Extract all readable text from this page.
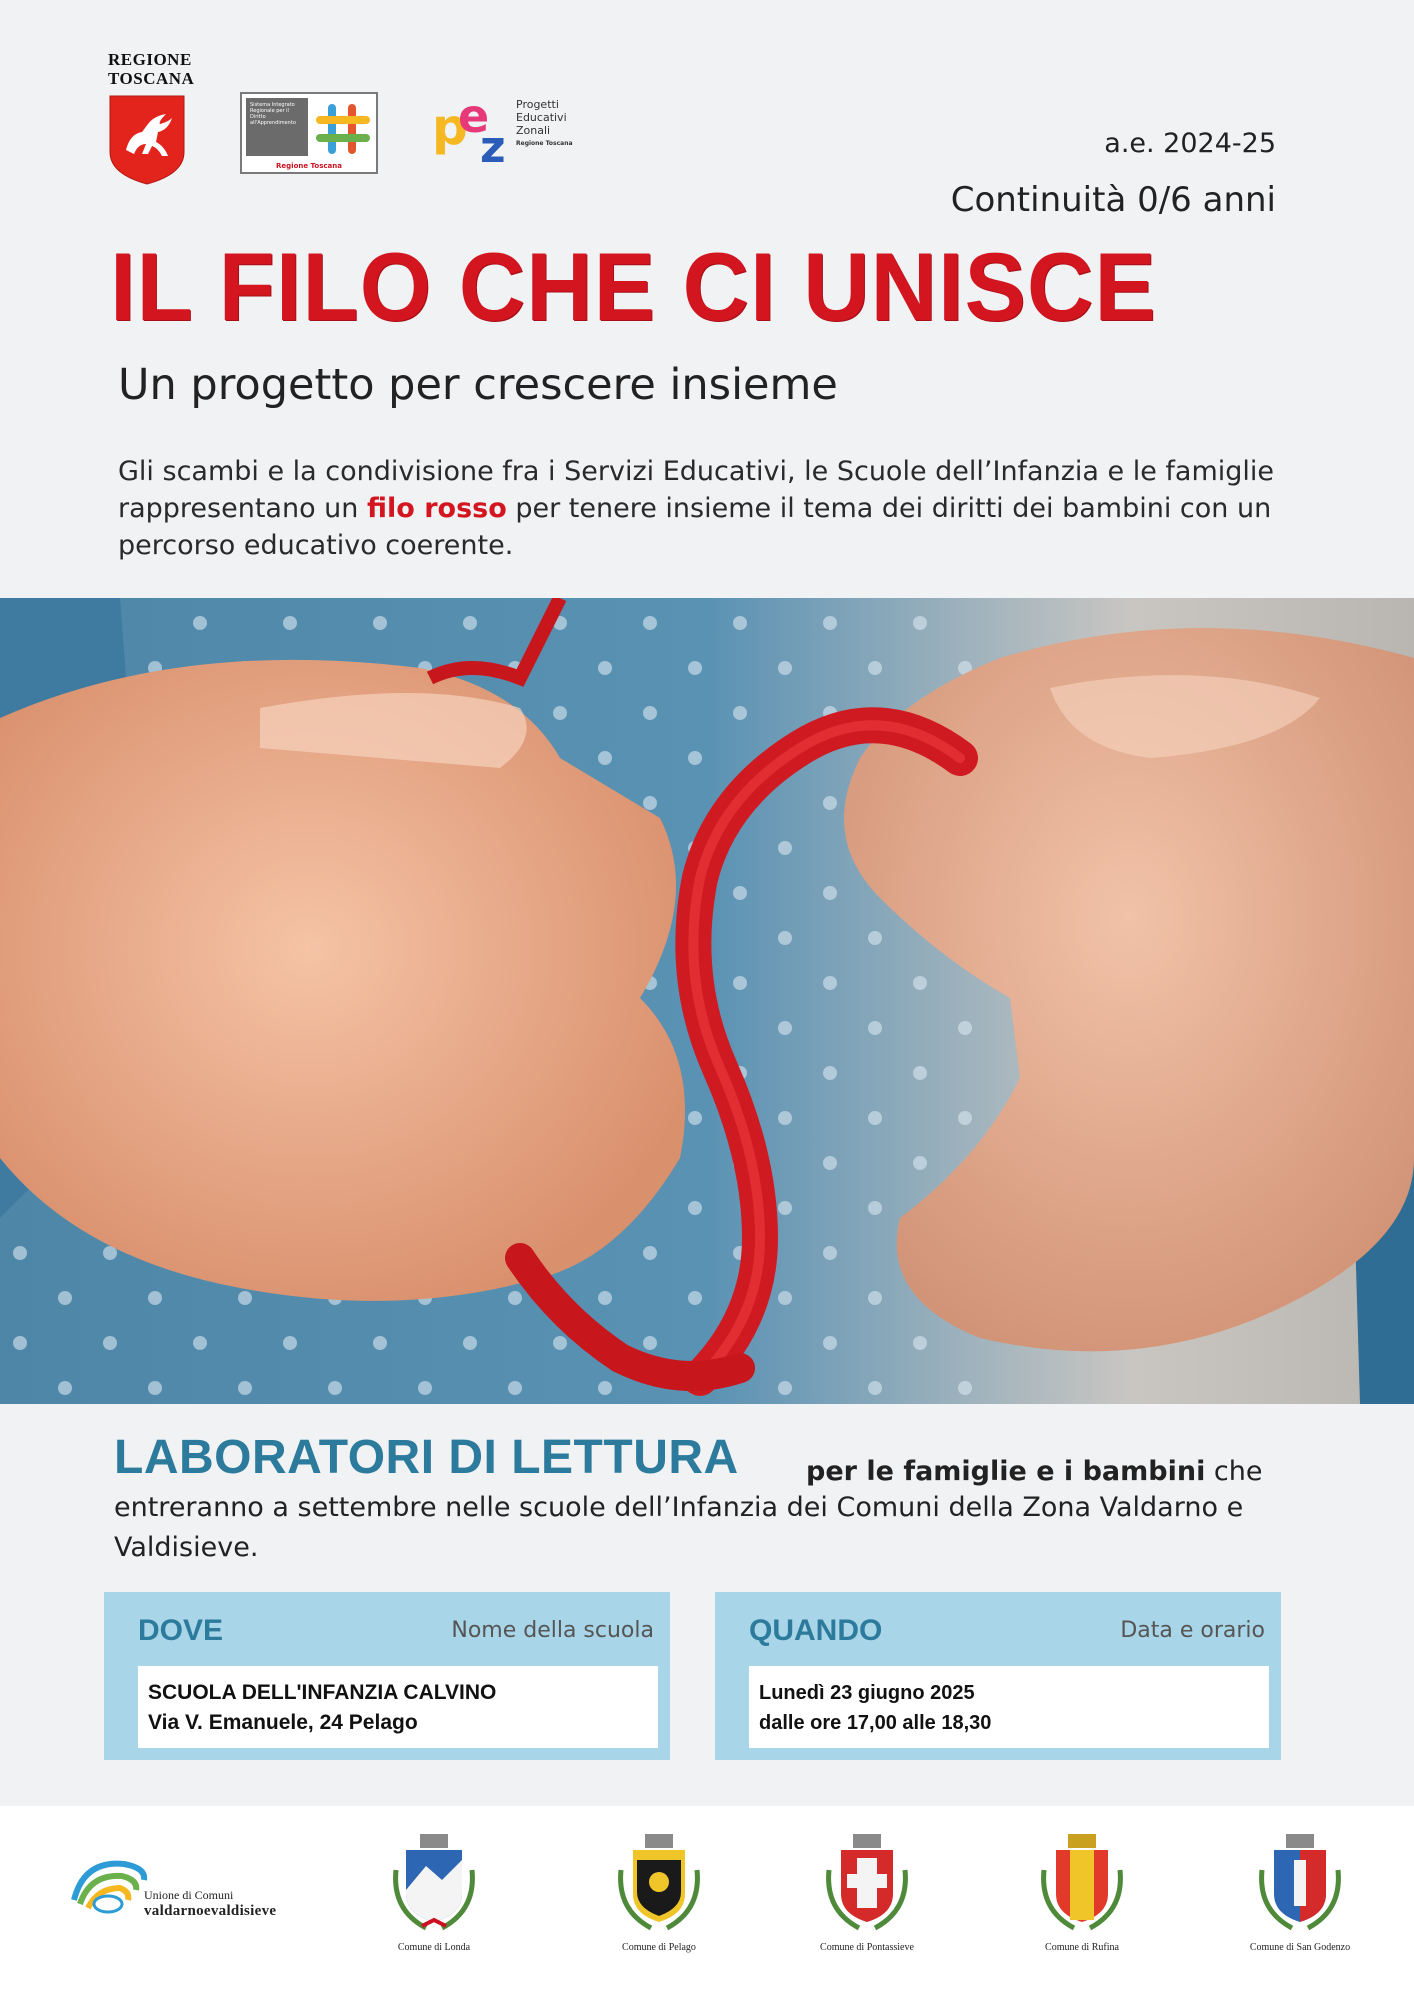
REGIONE
TOSCANA
Sistema Integrato Regionale per il Diritto all'Apprendimento
Regione Toscana
p
e
z
Progetti
Educativi
Zonali
Regione Toscana	a.e. 2024-25
Continuità 0/6 anni
IL FILO CHE CI UNISCE
Un progetto per crescere insieme
Gli scambi e la condivisione fra i Servizi Educativi, le Scuole dell’Infanzia e le famiglie rappresentano un filo rosso per tenere insieme il tema dei diritti dei bambini con un percorso educativo coerente.
LABORATORI DI LETTURA per le famiglie e i bambini che
entreranno a settembre nelle scuole dell’Infanzia dei Comuni della Zona Valdarno e Valdisieve.
DOVE	Nome della scuola
SCUOLA DELL'INFANZIA CALVINO
Via V. Emanuele, 24 Pelago
QUANDO	Data e orario
Lunedì 23 giugno 2025
dalle ore 17,00 alle 18,30
Unione di Comuni
valdarnoevaldisieve
Comune di Londa	Comune di Pelago	Comune di Pontassieve	Comune di Rufina	Comune di San Godenzo
